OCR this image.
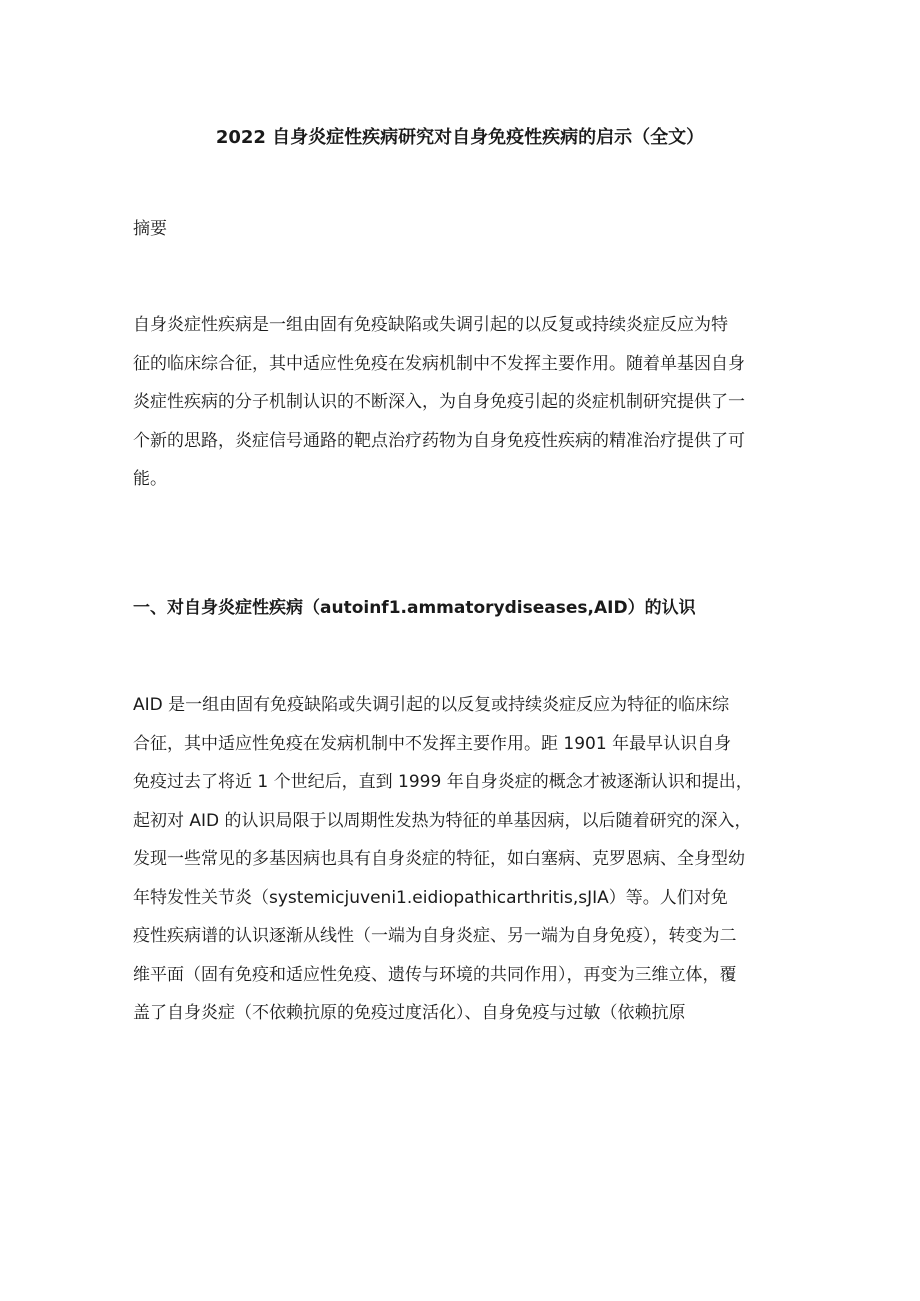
2022 自身炎症性疾病研究对自身免疫性疾病的启示（全文）

摘要

自身炎症性疾病是一组由固有免疫缺陷或失调引起的以反复或持续炎症反应为特
征的临床综合征，其中适应性免疫在发病机制中不发挥主要作用。随着单基因自身
炎症性疾病的分子机制认识的不断深入，为自身免疫引起的炎症机制研究提供了一
个新的思路，炎症信号通路的靶点治疗药物为自身免疫性疾病的精准治疗提供了可
能。
一、对自身炎症性疾病（autoinf1.ammatorydiseases,AID）的认识
AID 是一组由固有免疫缺陷或失调引起的以反复或持续炎症反应为特征的临床综
合征，其中适应性免疫在发病机制中不发挥主要作用。距 1901 年最早认识自身
免疫过去了将近 1 个世纪后，直到 1999 年自身炎症的概念才被逐渐认识和提出，
起初对 AID 的认识局限于以周期性发热为特征的单基因病，以后随着研究的深入，
发现一些常见的多基因病也具有自身炎症的特征，如白塞病、克罗恩病、全身型幼
年特发性关节炎（systemicjuveni1.eidiopathicarthritis,sJIA）等。人们对免
疫性疾病谱的认识逐渐从线性（一端为自身炎症、另一端为自身免疫），转变为二
维平面（固有免疫和适应性免疫、遗传与环境的共同作用），再变为三维立体，覆
盖了自身炎症（不依赖抗原的免疫过度活化）、自身免疫与过敏（依赖抗原
